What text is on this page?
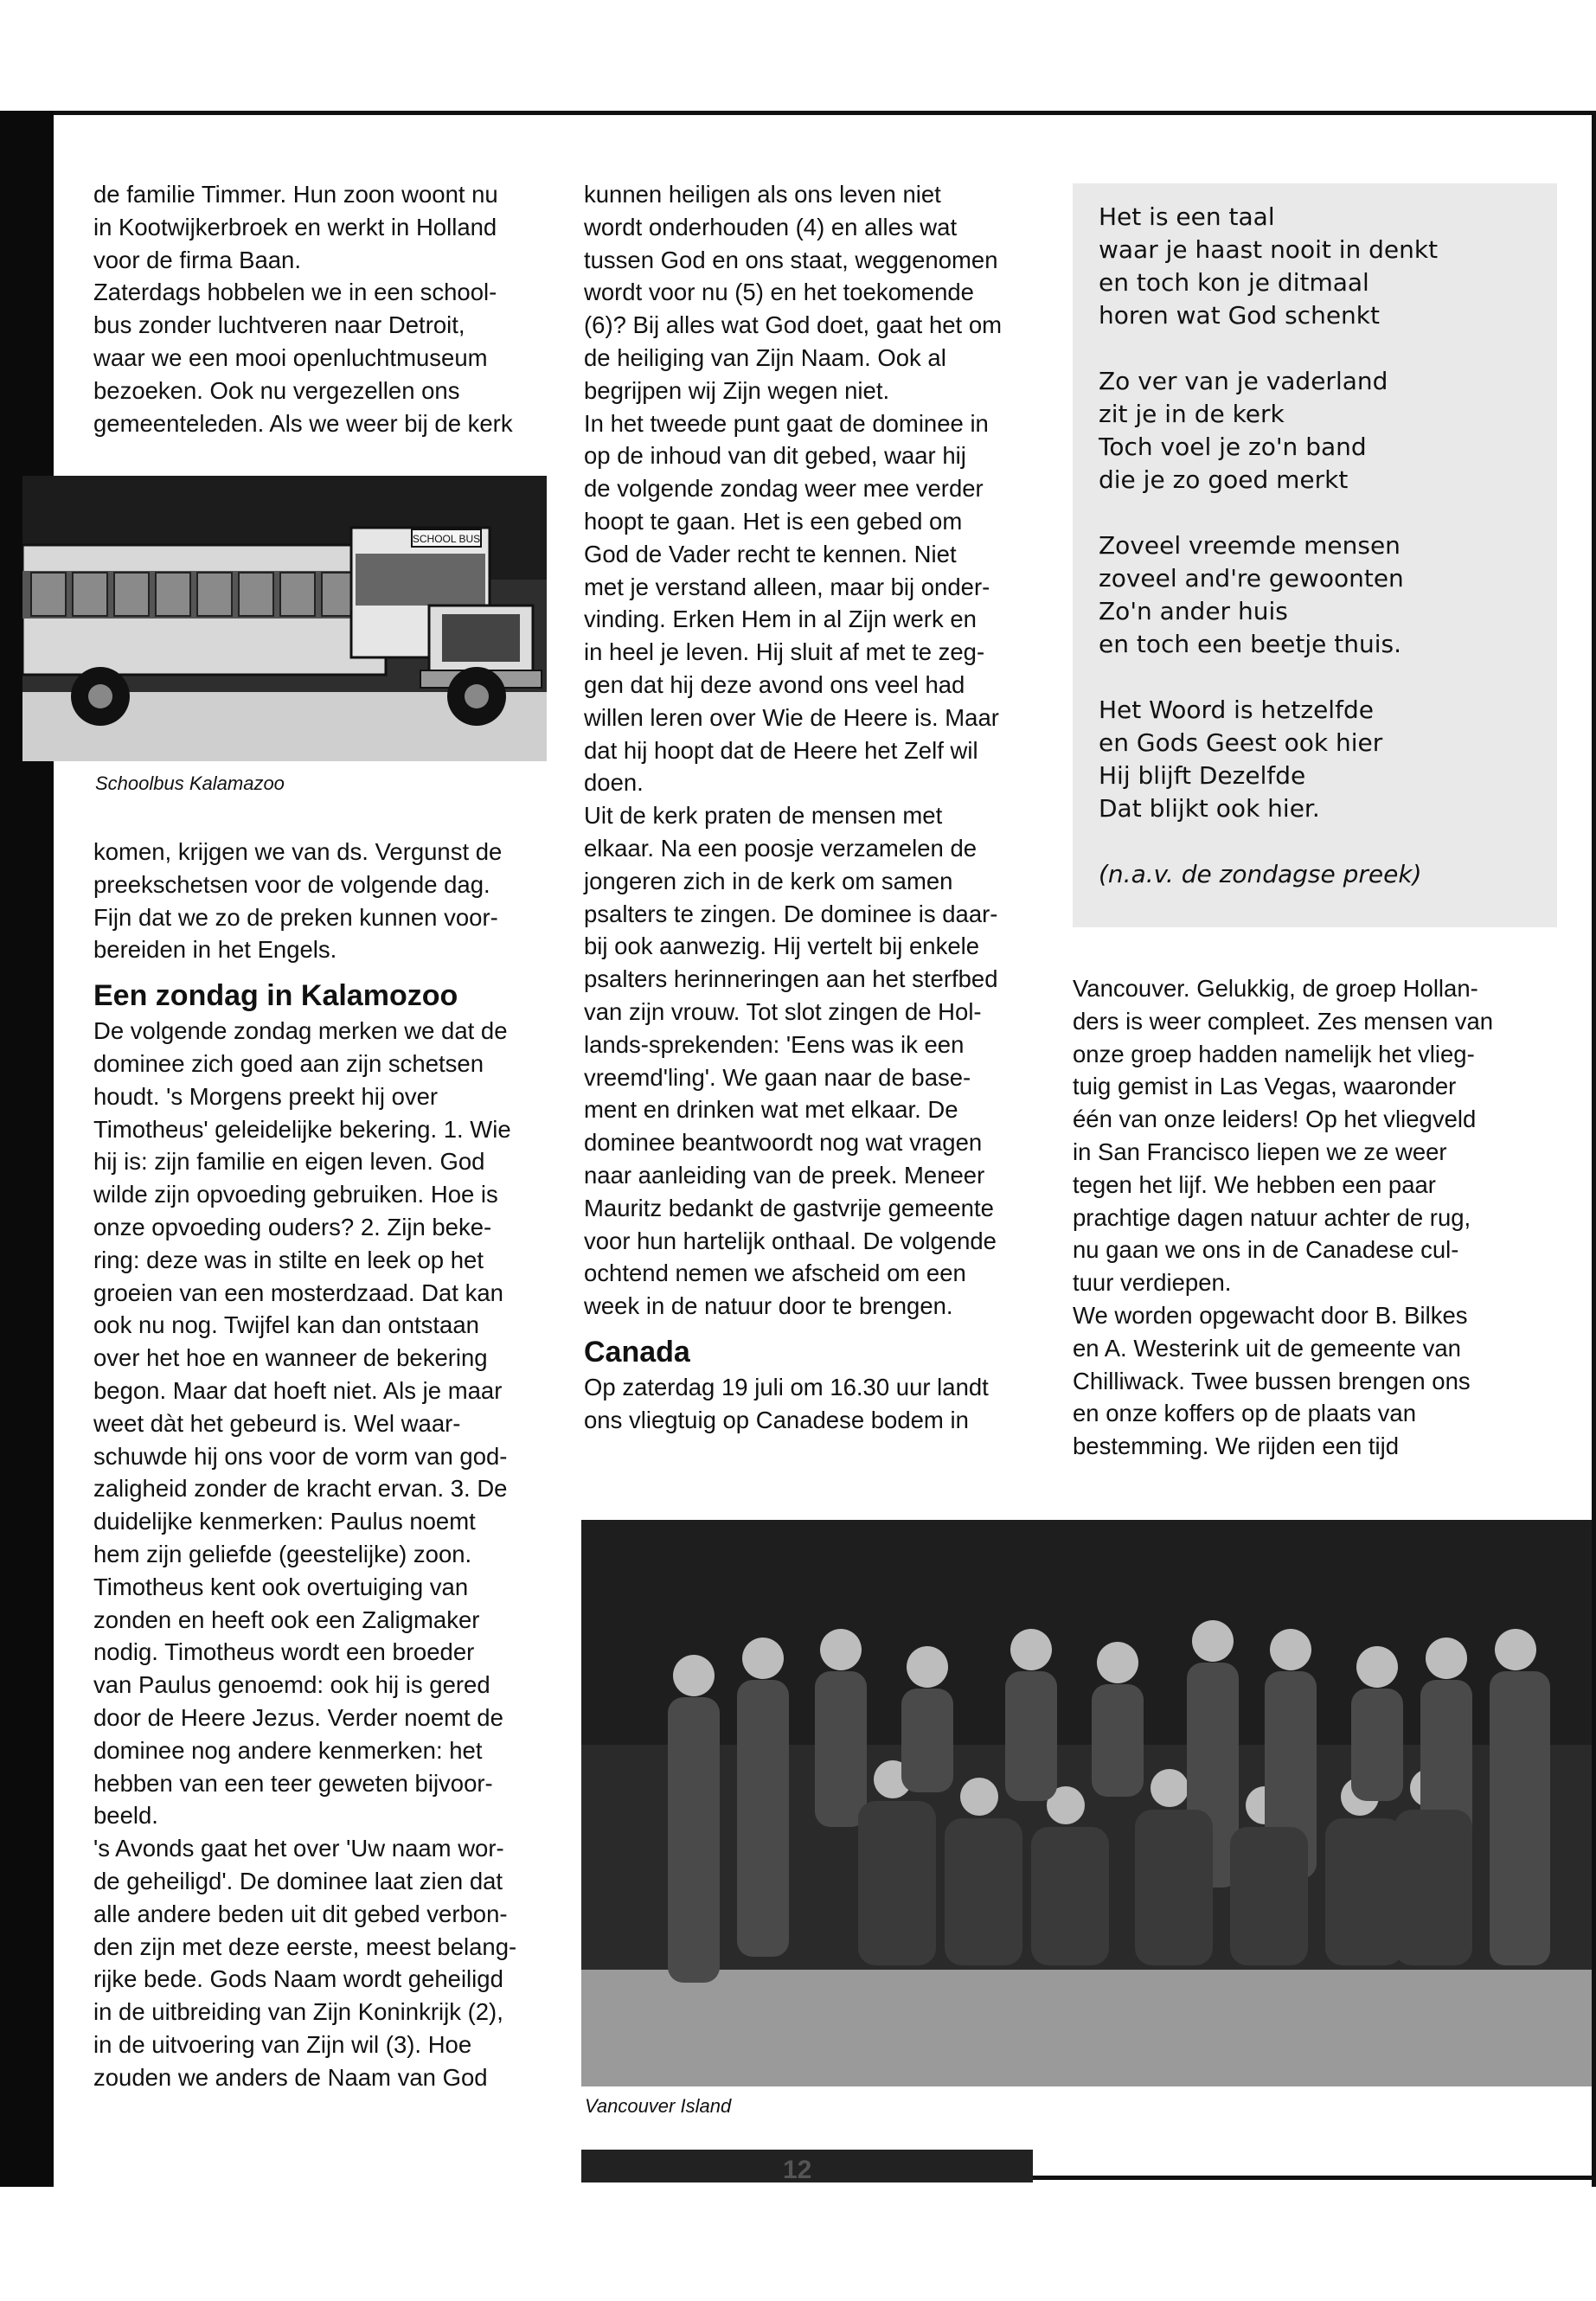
de familie Timmer. Hun zoon woont nu

in Kootwijkerbroek en werkt in Holland

voor de firma Baan.

Zaterdags hobbelen we in een school-

bus zonder luchtveren naar Detroit,

waar we een mooi openluchtmuseum

bezoeken. Ook nu vergezellen ons

gemeenteleden. Als we weer bij de kerk

SCHOOL BUS
Schoolbus Kalamazoo

komen, krijgen we van ds. Vergunst de

preekschetsen voor de volgende dag.

Fijn dat we zo de preken kunnen voor-

bereiden in het Engels.

Een zondag in Kalamozoo

De volgende zondag merken we dat de

dominee zich goed aan zijn schetsen

houdt. 's Morgens preekt hij over

Timotheus' geleidelijke bekering. 1. Wie

hij is: zijn familie en eigen leven. God

wilde zijn opvoeding gebruiken. Hoe is

onze opvoeding ouders? 2. Zijn beke-

ring: deze was in stilte en leek op het

groeien van een mosterdzaad. Dat kan

ook nu nog. Twijfel kan dan ontstaan

over het hoe en wanneer de bekering

begon. Maar dat hoeft niet. Als je maar

weet dàt het gebeurd is. Wel waar-

schuwde hij ons voor de vorm van god-

zaligheid zonder de kracht ervan. 3. De

duidelijke kenmerken: Paulus noemt

hem zijn geliefde (geestelijke) zoon.

Timotheus kent ook overtuiging van

zonden en heeft ook een Zaligmaker

nodig. Timotheus wordt een broeder

van Paulus genoemd: ook hij is gered

door de Heere Jezus. Verder noemt de

dominee nog andere kenmerken: het

hebben van een teer geweten bijvoor-

beeld.

's Avonds gaat het over 'Uw naam wor-

de geheiligd'. De dominee laat zien dat

alle andere beden uit dit gebed verbon-

den zijn met deze eerste, meest belang-

rijke bede. Gods Naam wordt geheiligd

in de uitbreiding van Zijn Koninkrijk (2),

in de uitvoering van Zijn wil (3). Hoe

zouden we anders de Naam van God

kunnen heiligen als ons leven niet

wordt onderhouden (4) en alles wat

tussen God en ons staat, weggenomen

wordt voor nu (5) en het toekomende

(6)? Bij alles wat God doet, gaat het om

de heiliging van Zijn Naam. Ook al

begrijpen wij Zijn wegen niet.

In het tweede punt gaat de dominee in

op de inhoud van dit gebed, waar hij

de volgende zondag weer mee verder

hoopt te gaan. Het is een gebed om

God de Vader recht te kennen. Niet

met je verstand alleen, maar bij onder-

vinding. Erken Hem in al Zijn werk en

in heel je leven. Hij sluit af met te zeg-

gen dat hij deze avond ons veel had

willen leren over Wie de Heere is. Maar

dat hij hoopt dat de Heere het Zelf wil

doen.

Uit de kerk praten de mensen met

elkaar. Na een poosje verzamelen de

jongeren zich in de kerk om samen

psalters te zingen. De dominee is daar-

bij ook aanwezig. Hij vertelt bij enkele

psalters herinneringen aan het sterfbed

van zijn vrouw. Tot slot zingen de Hol-

lands-sprekenden: 'Eens was ik een

vreemd'ling'. We gaan naar de base-

ment en drinken wat met elkaar. De

dominee beantwoordt nog wat vragen

naar aanleiding van de preek. Meneer

Mauritz bedankt de gastvrije gemeente

voor hun hartelijk onthaal. De volgende

ochtend nemen we afscheid om een

week in de natuur door te brengen.

Canada

Op zaterdag 19 juli om 16.30 uur landt

ons vliegtuig op Canadese bodem in

Het is een taal
waar je haast nooit in denkt
en toch kon je ditmaal
horen wat God schenkt
Zo ver van je vaderland
zit je in de kerk
Toch voel je zo'n band
die je zo goed merkt
Zoveel vreemde mensen
zoveel and're gewoonten
Zo'n ander huis
en toch een beetje thuis.
Het Woord is hetzelfde
en Gods Geest ook hier
Hij blijft Dezelfde
Dat blijkt ook hier.
(n.a.v. de zondagse preek)

Vancouver. Gelukkig, de groep Hollan-

ders is weer compleet. Zes mensen van

onze groep hadden namelijk het vlieg-

tuig gemist in Las Vegas, waaronder

één van onze leiders! Op het vliegveld

in San Francisco liepen we ze weer

tegen het lijf. We hebben een paar

prachtige dagen natuur achter de rug,

nu gaan we ons in de Canadese cul-

tuur verdiepen.

We worden opgewacht door B. Bilkes

en A. Westerink uit de gemeente van

Chilliwack. Twee bussen brengen ons

en onze koffers op de plaats van

bestemming. We rijden een tijd

Vancouver Island
12
